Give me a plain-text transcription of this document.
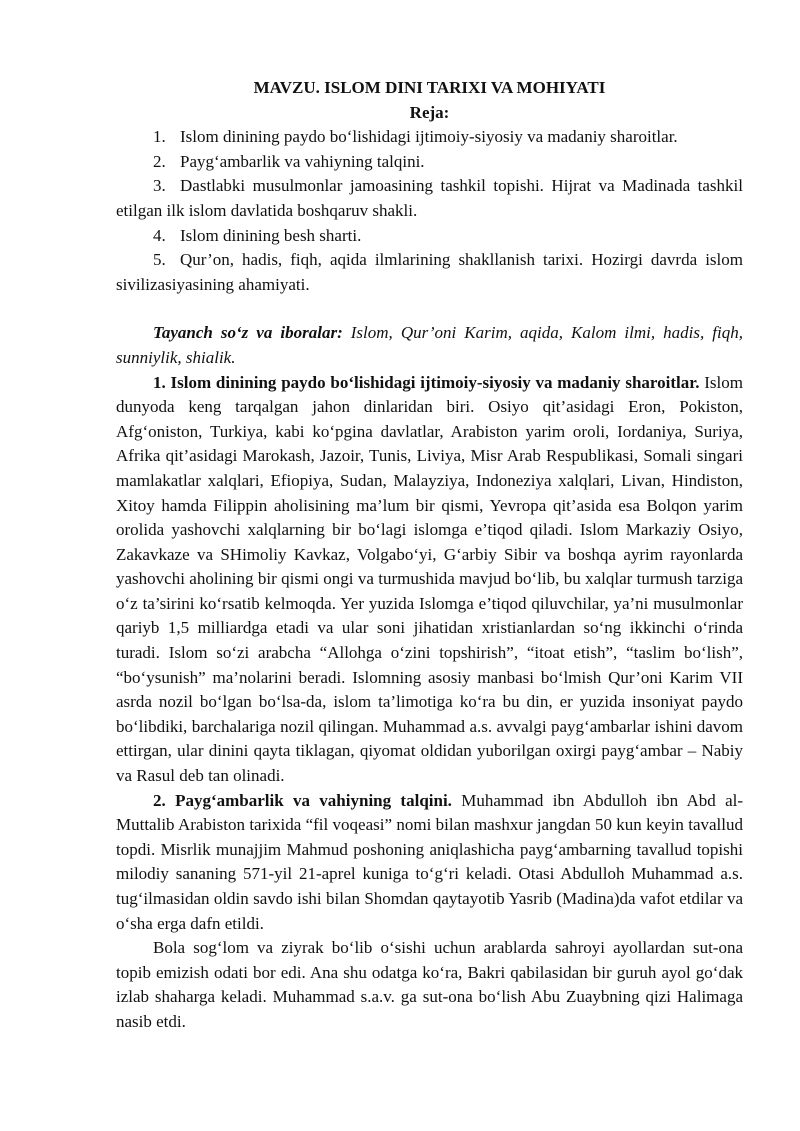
MAVZU. ISLOM DINI TARIXI VA MOHIYATI
Reja:
1. Islom dinining paydo bo‘lishidagi ijtimoiy-siyosiy va madaniy sharoitlar.
2. Payg‘ambarlik va vahiyning talqini.
3. Dastlabki musulmonlar jamoasining tashkil topishi. Hijrat va Madinada tashkil etilgan ilk islom davlatida boshqaruv shakli.
4. Islom dinining besh sharti.
5. Qur’on, hadis, fiqh, aqida ilmlarining shakllanish tarixi. Hozirgi davrda islom sivilizasiyasining ahamiyati.

Tayanch so‘z va iboralar: Islom, Qur’oni Karim, aqida, Kalom ilmi, hadis, fiqh, sunniylik, shialik.

1. Islom dinining paydo bo‘lishidagi ijtimoiy-siyosiy va madaniy sharoitlar. Islom dunyoda keng tarqalgan jahon dinlaridan biri. Osiyo qit’asidagi Eron, Pokiston, Afg‘oniston, Turkiya, kabi ko‘pgina davlatlar, Arabiston yarim oroli, Iordaniya, Suriya, Afrika qit’asidagi Marokash, Jazoir, Tunis, Liviya, Misr Arab Respublikasi, Somali singari mamlakatlar xalqlari, Efiopiya, Sudan, Malayziya, Indoneziya xalqlari, Livan, Hindiston, Xitoy hamda Filippin aholisining ma’lum bir qismi, Yevropa qit’asida esa Bolqon yarim orolida yashovchi xalqlarning bir bo‘lagi islomga e’tiqod qiladi. Islom Markaziy Osiyo, Zakavkaze va SHimoliy Kavkaz, Volgabo‘yi, G‘arbiy Sibir va boshqa ayrim rayonlarda yashovchi aholining bir qismi ongi va turmushida mavjud bo‘lib, bu xalqlar turmush tarziga o‘z ta’sirini ko‘rsatib kelmoqda. Yer yuzida Islomga e’tiqod qiluvchilar, ya’ni musulmonlar qariyb 1,5 milliardga etadi va ular soni jihatidan xristianlardan so‘ng ikkinchi o‘rinda turadi. Islom so‘zi arabcha “Allohga o‘zini topshirish”, “itoat etish”, “taslim bo‘lish”, “bo‘ysunish” ma’nolarini beradi. Islomning asosiy manbasi bo‘lmish Qur’oni Karim VII asrda nozil bo‘lgan bo‘lsa-da, islom ta’limotiga ko‘ra bu din, er yuzida insoniyat paydo bo‘libdiki, barchalariga nozil qilingan. Muhammad a.s. avvalgi payg‘ambarlar ishini davom ettirgan, ular dinini qayta tiklagan, qiyomat oldidan yuborilgan oxirgi payg‘ambar – Nabiy va Rasul deb tan olinadi.

2. Payg‘ambarlik va vahiyning talqini. Muhammad ibn Abdulloh ibn Abd al-Muttalib Arabiston tarixida “fil voqeasi” nomi bilan mashxur jangdan 50 kun keyin tavallud topdi. Misrlik munajjim Mahmud poshoning aniqlashicha payg‘ambarning tavallud topishi milodiy sananing 571-yil 21-aprel kuniga to‘g‘ri keladi. Otasi Abdulloh Muhammad a.s. tug‘ilmasidan oldin savdo ishi bilan Shomdan qaytayotib Yasrib (Madina)da vafot etdilar va o‘sha erga dafn etildi.

Bola sog‘lom va ziyrak bo‘lib o‘sishi uchun arablarda sahroyi ayollardan sut-ona topib emizish odati bor edi. Ana shu odatga ko‘ra, Bakri qabilasidan bir guruh ayol go‘dak izlab shaharga keladi. Muhammad s.a.v. ga sut-ona bo‘lish Abu Zuaybning qizi Halimaga nasib etdi.
